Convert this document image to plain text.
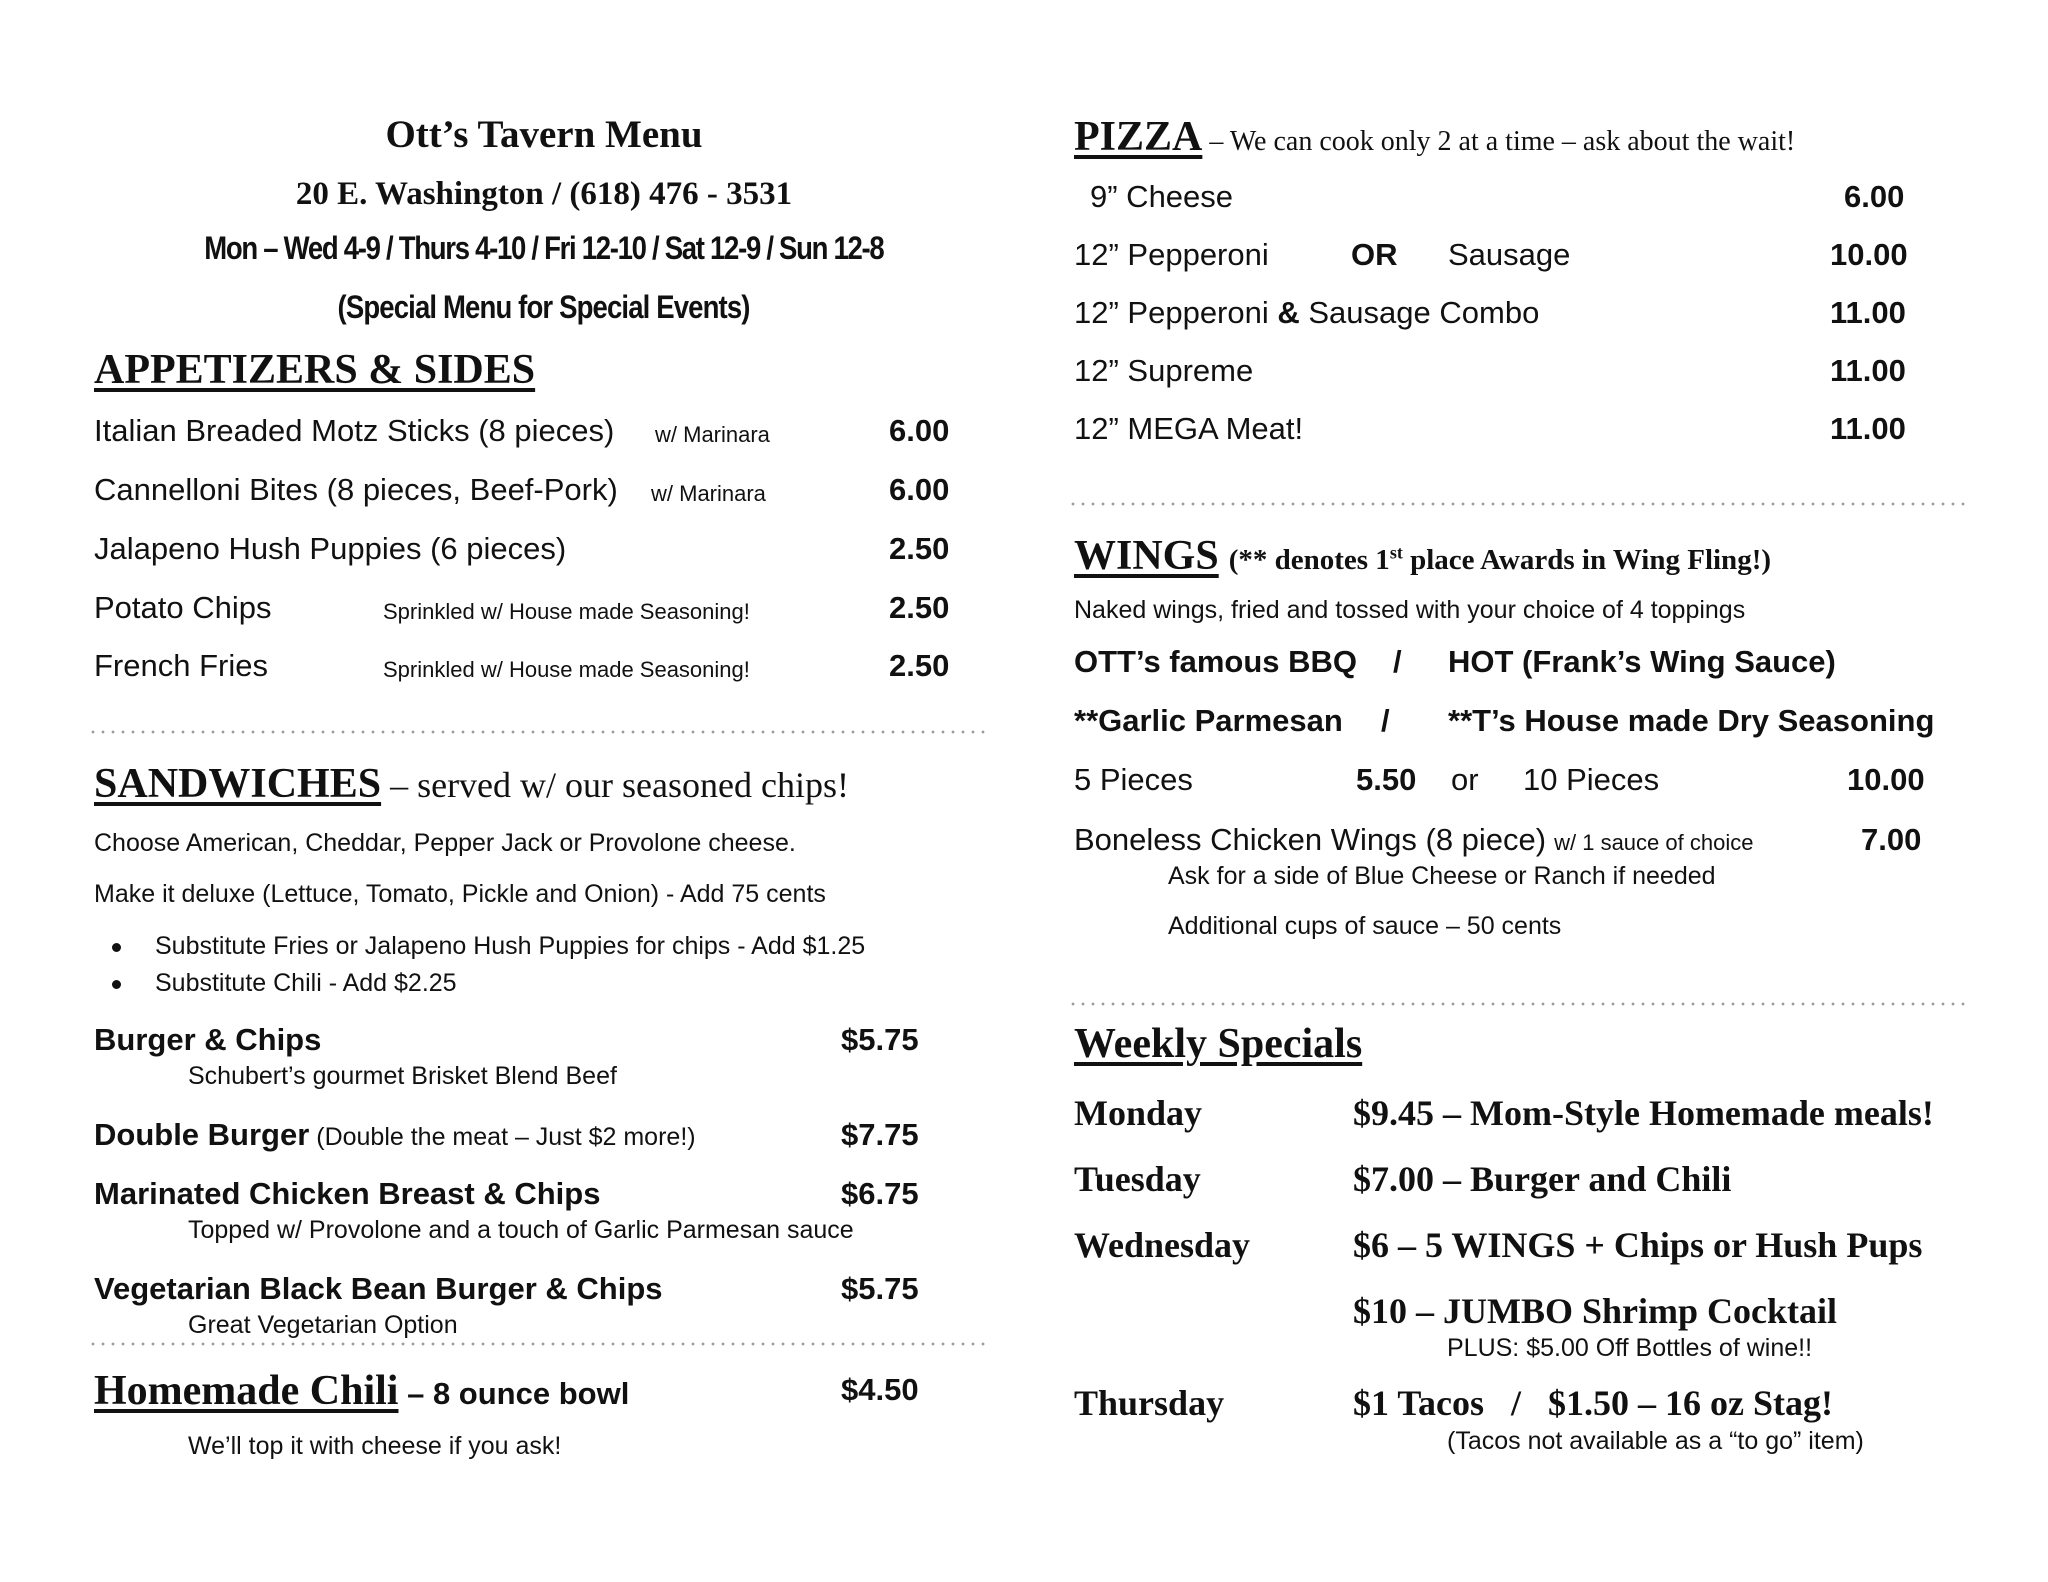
Ott’s Tavern Menu
20 E. Washington / (618) 476 - 3531
Mon – Wed 4-9 / Thurs 4-10 / Fri 12-10 / Sat 12-9 / Sun 12-8
(Special Menu for Special Events)
APPETIZERS & SIDES
Italian Breaded Motz Sticks (8 pieces) w/ Marinara	6.00
Cannelloni Bites (8 pieces, Beef-Pork) w/ Marinara	6.00
Jalapeno Hush Puppies (6 pieces)	2.50
Potato Chips	Sprinkled w/ House made Seasoning!	2.50
French Fries	Sprinkled w/ House made Seasoning!	2.50
SANDWICHES – served w/ our seasoned chips!
Choose American, Cheddar, Pepper Jack or Provolone cheese.
Make it deluxe (Lettuce, Tomato, Pickle and Onion) - Add 75 cents
Substitute Fries or Jalapeno Hush Puppies for chips - Add $1.25
Substitute Chili - Add $2.25
Burger & Chips	$5.75
Schubert’s gourmet Brisket Blend Beef
Double Burger (Double the meat – Just $2 more!)	$7.75
Marinated Chicken Breast & Chips	$6.75
Topped w/ Provolone and a touch of Garlic Parmesan sauce
Vegetarian Black Bean Burger & Chips	$5.75
Great Vegetarian Option
Homemade Chili – 8 ounce bowl	$4.50
We’ll top it with cheese if you ask!
PIZZA – We can cook only 2 at a time – ask about the wait!
9” Cheese	6.00
12” Pepperoni	OR Sausage	10.00
12” Pepperoni & Sausage Combo	11.00
12” Supreme	11.00
12” MEGA Meat!	11.00
WINGS (** denotes 1st place Awards in Wing Fling!)
Naked wings, fried and tossed with your choice of 4 toppings
OTT’s famous BBQ / HOT (Frank’s Wing Sauce)
**Garlic Parmesan / **T’s House made Dry Seasoning
5 Pieces	5.50 or 10 Pieces	10.00
Boneless Chicken Wings (8 piece) w/ 1 sauce of choice	7.00
Ask for a side of Blue Cheese or Ranch if needed
Additional cups of sauce – 50 cents
Weekly Specials
Monday	$9.45 – Mom-Style Homemade meals!
Tuesday	$7.00 – Burger and Chili
Wednesday	$6 – 5 WINGS + Chips or Hush Pups
$10 – JUMBO Shrimp Cocktail
PLUS: $5.00 Off Bottles of wine!!
Thursday	$1 Tacos   /   $1.50 – 16 oz Stag!
(Tacos not available as a “to go” item)
